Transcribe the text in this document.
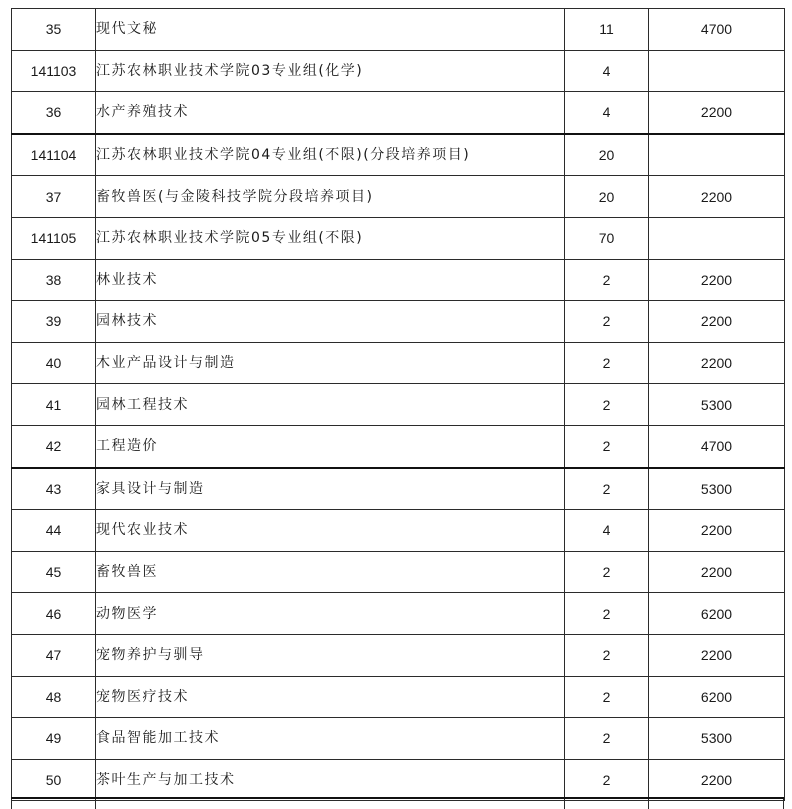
35	现代文秘	11	4700
141103	江苏农林职业技术学院03专业组(化学)	4	
36	水产养殖技术	4	2200
141104	江苏农林职业技术学院04专业组(不限)(分段培养项目)	20	
37	畜牧兽医(与金陵科技学院分段培养项目)	20	2200
141105	江苏农林职业技术学院05专业组(不限)	70	
38	林业技术	2	2200
39	园林技术	2	2200
40	木业产品设计与制造	2	2200
41	园林工程技术	2	5300
42	工程造价	2	4700
43	家具设计与制造	2	5300
44	现代农业技术	4	2200
45	畜牧兽医	2	2200
46	动物医学	2	6200
47	宠物养护与驯导	2	2200
48	宠物医疗技术	2	6200
49	食品智能加工技术	2	5300
50	茶叶生产与加工技术	2	2200
